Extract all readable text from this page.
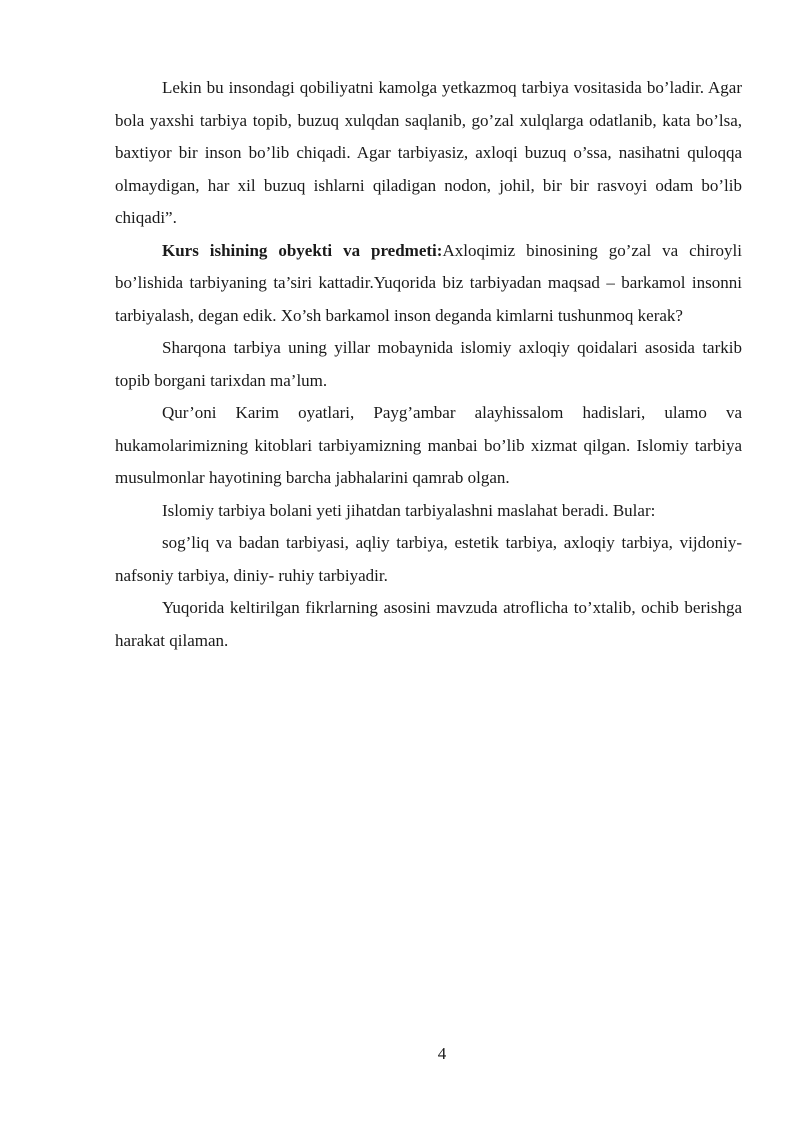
Lekin bu insondagi qobiliyatni kamolga yetkazmoq tarbiya vositasida bo’ladir. Agar bola yaxshi tarbiya topib, buzuq xulqdan saqlanib, go’zal xulqlarga odatlanib, kata bo’lsa, baxtiyor bir inson bo’lib chiqadi. Agar tarbiyasiz, axloqi buzuq o’ssa, nasihatni quloqqa olmaydigan, har xil buzuq ishlarni qiladigan nodon, johil, bir bir rasvoyi odam bo’lib chiqadi”.

Kurs ishining obyekti va predmeti:Axloqimiz binosining go’zal va chiroyli bo’lishida tarbiyaning ta’siri kattadir.Yuqorida biz tarbiyadan maqsad – barkamol insonni tarbiyalash, degan edik. Xo’sh barkamol inson deganda kimlarni tushunmoq kerak?

Sharqona tarbiya uning yillar mobaynida islomiy axloqiy qoidalari asosida tarkib topib borgani tarixdan ma’lum.

Qur’oni Karim oyatlari, Payg’ambar alayhissalom hadislari, ulamo va hukamolarimizning kitoblari tarbiyamizning manbai bo’lib xizmat qilgan. Islomiy tarbiya musulmonlar hayotining barcha jabhalarini qamrab olgan.

Islomiy tarbiya bolani yeti jihatdan tarbiyalashni maslahat beradi. Bular:

sog’liq va badan tarbiyasi, aqliy tarbiya, estetik tarbiya, axloqiy tarbiya, vijdoniy- nafsoniy tarbiya, diniy- ruhiy tarbiyadir.

Yuqorida keltirilgan fikrlarning asosini mavzuda atroflicha to’xtalib, ochib berishga harakat qilaman.

4
